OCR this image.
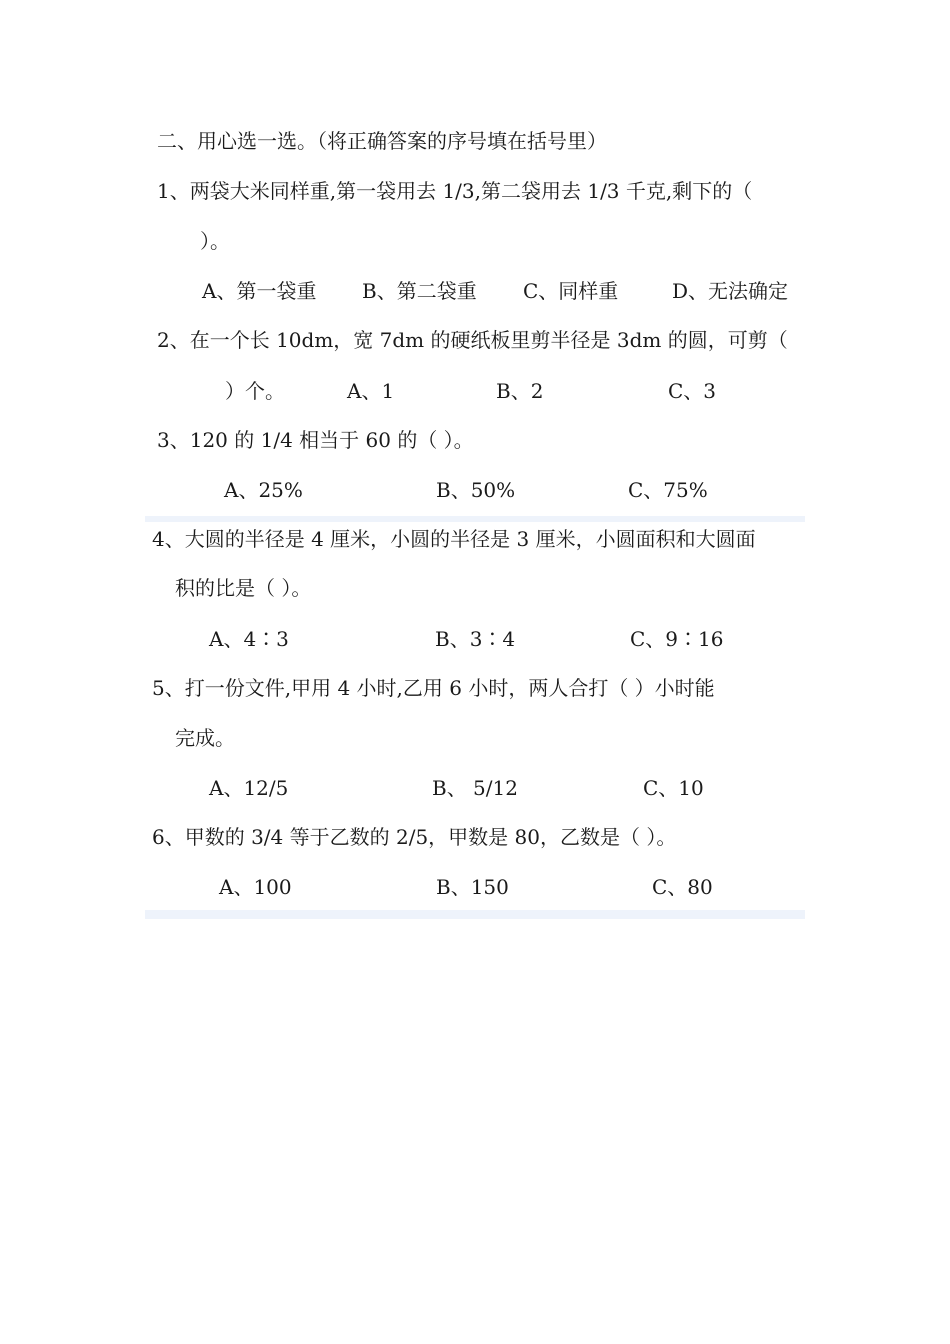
二、用心选一选。（将正确答案的序号填在括号里）
1、两袋大米同样重,第一袋用去 1/3,第二袋用去 1/3 千克,剩下的（
）。
A、第一袋重 B、第二袋重 C、同样重	D、无法确定
2、在一个长 10dm，宽 7dm 的硬纸板里剪半径是 3dm 的圆，可剪（
）个。	A、1	B、2	C、3
3、120 的 1/4 相当于 60 的（ ）。
A、25%	B、50%	C、75%
4、大圆的半径是 4 厘米，小圆的半径是 3 厘米，小圆面积和大圆面
积的比是（ ）。
A、4∶3	B、3∶4	C、9∶16
5、打一份文件,甲用 4 小时,乙用 6 小时，两人合打（ ）小时能
完成。
A、12/5	B、 5/12	C、10
6、甲数的 3/4 等于乙数的 2/5，甲数是 80，乙数是（ ）。
A、100	B、150	C、80
